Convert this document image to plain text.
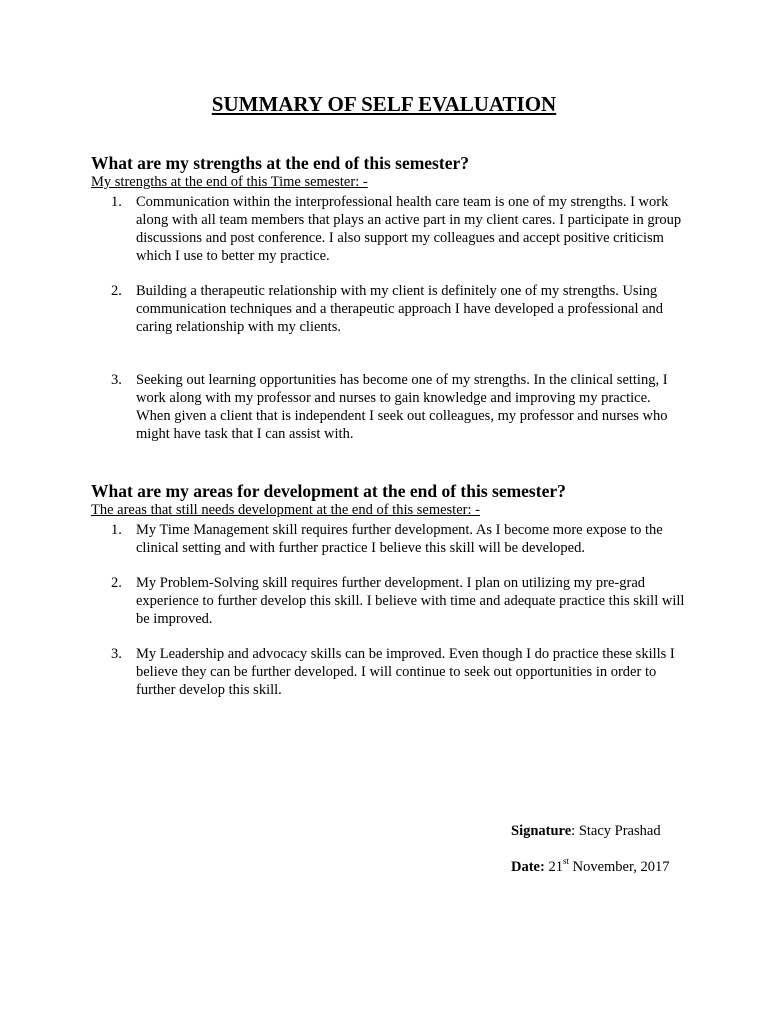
SUMMARY OF SELF EVALUATION
What are my strengths at the end of this semester?

My strengths at the end of this Time semester: -

1. Communication within the interprofessional health care team is one of my strengths. I work along with all team members that plays an active part in my client cares. I participate in group discussions and post conference. I also support my colleagues and accept positive criticism which I use to better my practice.
2. Building a therapeutic relationship with my client is definitely one of my strengths. Using communication techniques and a therapeutic approach I have developed a professional and caring relationship with my clients.
3. Seeking out learning opportunities has become one of my strengths. In the clinical setting, I work along with my professor and nurses to gain knowledge and improving my practice. When given a client that is independent I seek out colleagues, my professor and nurses who might have task that I can assist with.
What are my areas for development at the end of this semester?

The areas that still needs development at the end of this semester: -

1. My Time Management skill requires further development. As I become more expose to the clinical setting and with further practice I believe this skill will be developed.
2. My Problem-Solving skill requires further development. I plan on utilizing my pre-grad experience to further develop this skill. I believe with time and adequate practice this skill will be improved.
3. My Leadership and advocacy skills can be improved. Even though I do practice these skills I believe they can be further developed. I will continue to seek out opportunities in order to further develop this skill.
Signature: Stacy Prashad
Date: 21st November, 2017
